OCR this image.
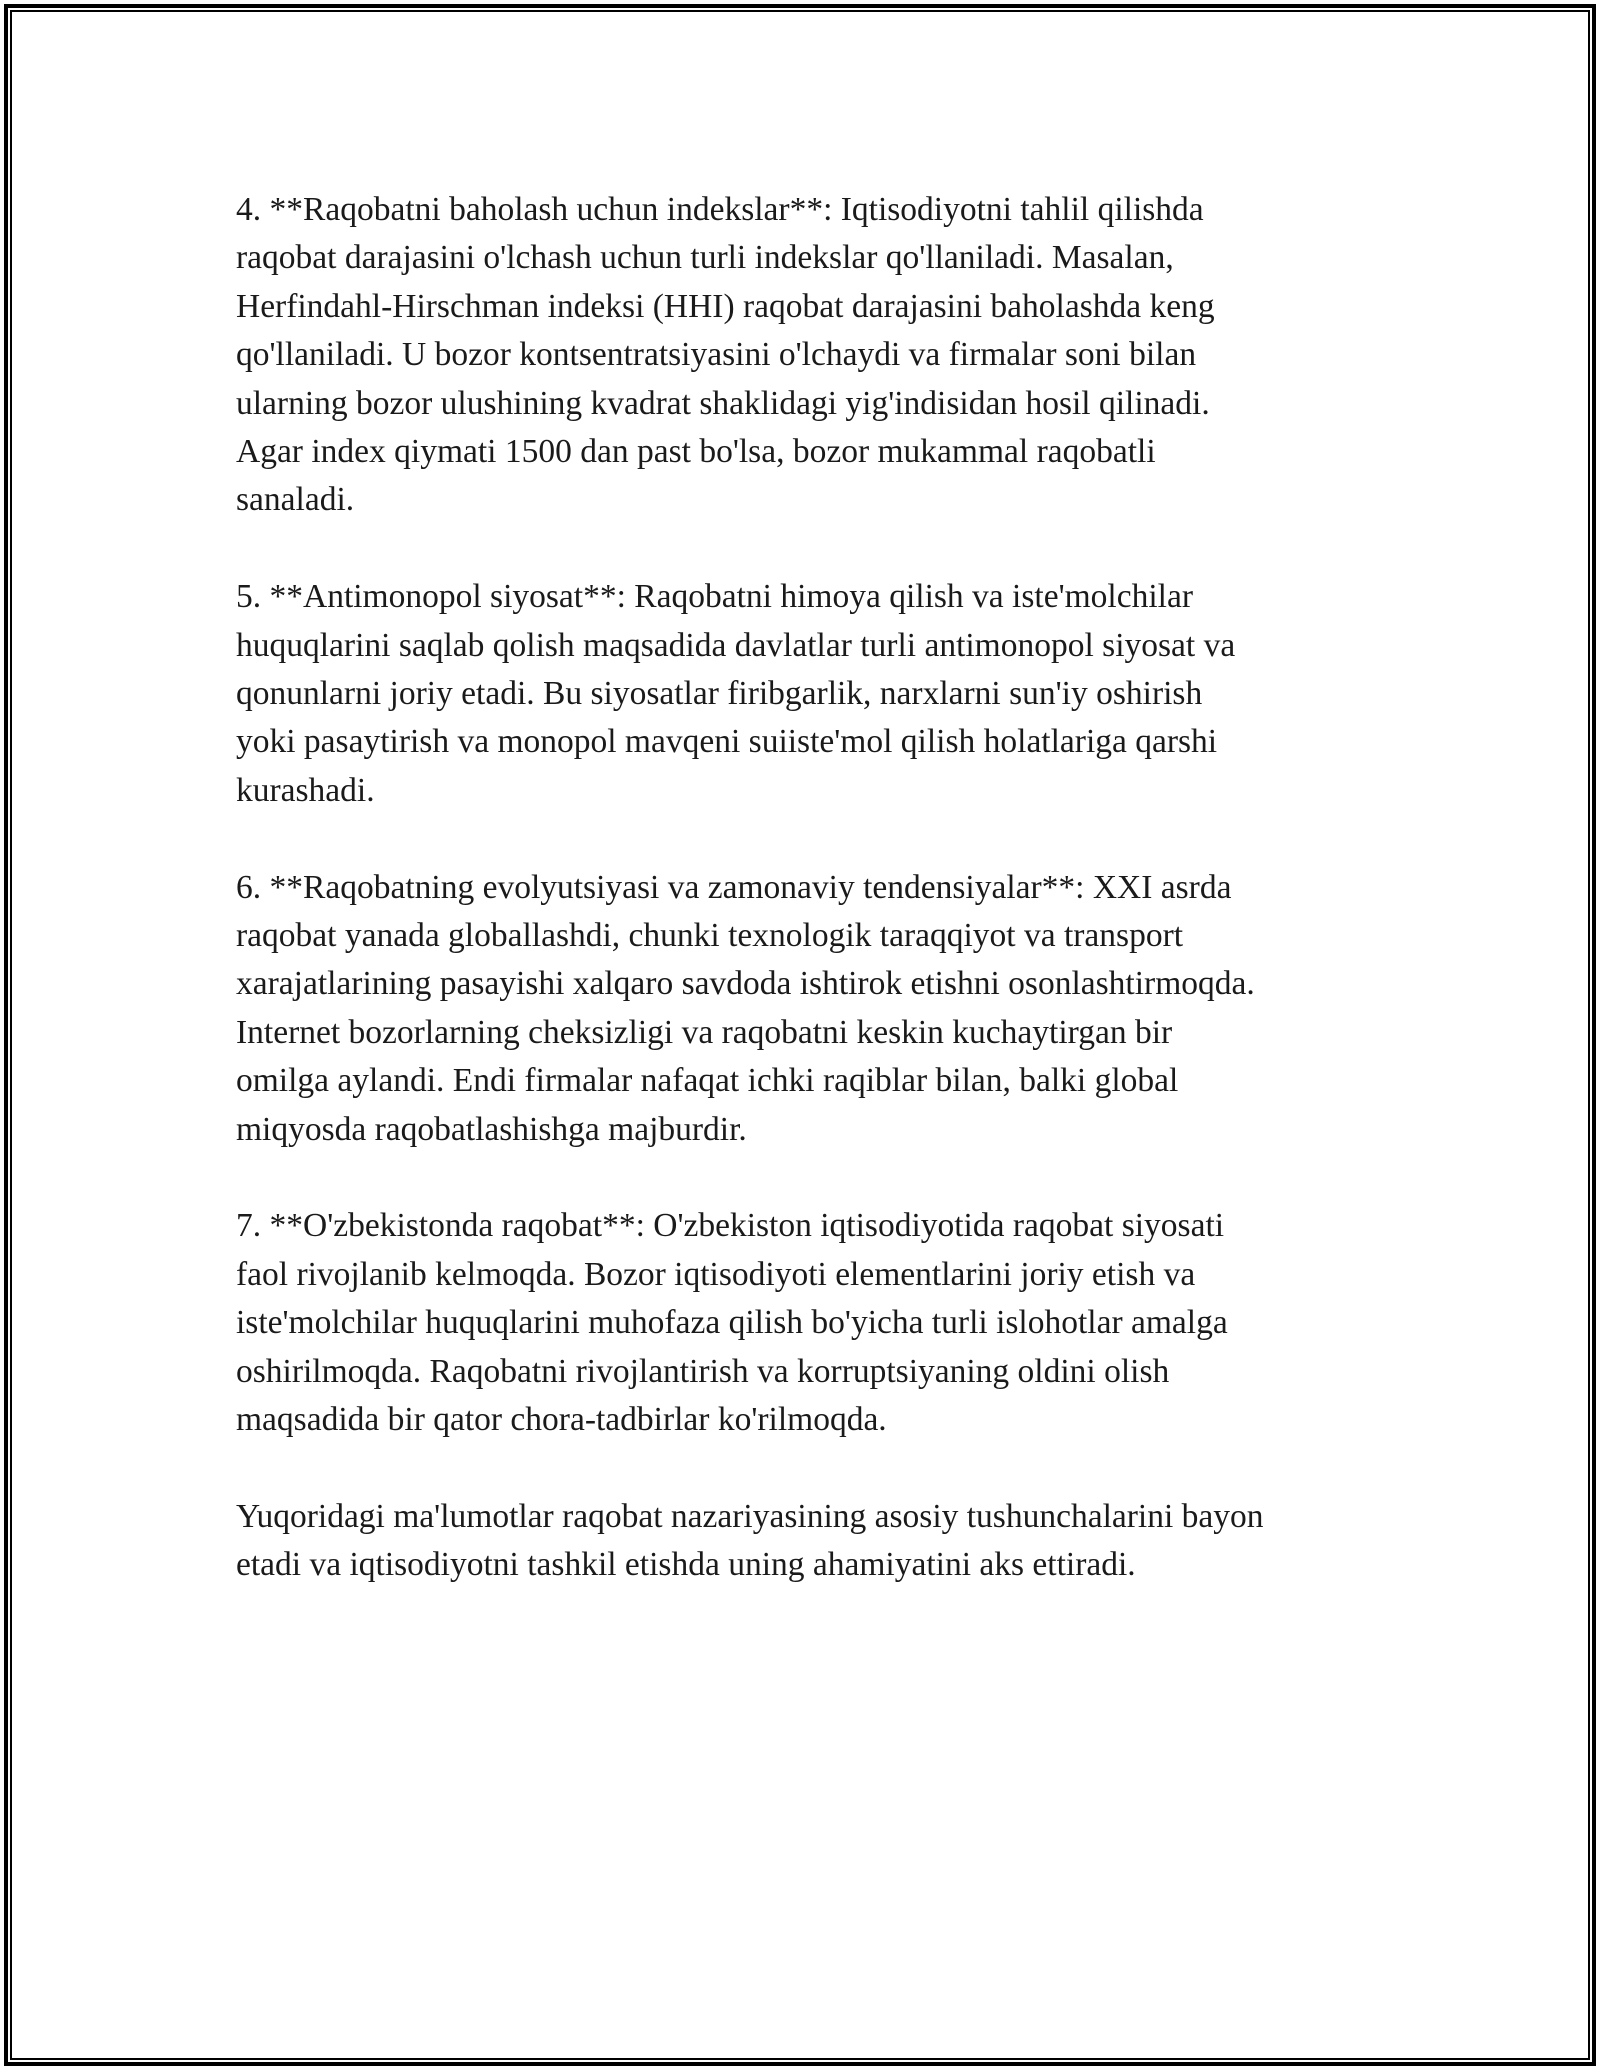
4. **Raqobatni baholash uchun indekslar**: Iqtisodiyotni tahlil qilishda
raqobat darajasini o'lchash uchun turli indekslar qo'llaniladi. Masalan,
Herfindahl-Hirschman indeksi (HHI) raqobat darajasini baholashda keng
qo'llaniladi. U bozor kontsentratsiyasini o'lchaydi va firmalar soni bilan
ularning bozor ulushining kvadrat shaklidagi yig'indisidan hosil qilinadi.
Agar index qiymati 1500 dan past bo'lsa, bozor mukammal raqobatli
sanaladi.

5. **Antimonopol siyosat**: Raqobatni himoya qilish va iste'molchilar
huquqlarini saqlab qolish maqsadida davlatlar turli antimonopol siyosat va
qonunlarni joriy etadi. Bu siyosatlar firibgarlik, narxlarni sun'iy oshirish
yoki pasaytirish va monopol mavqeni suiiste'mol qilish holatlariga qarshi
kurashadi.

6. **Raqobatning evolyutsiyasi va zamonaviy tendensiyalar**: XXI asrda
raqobat yanada globallashdi, chunki texnologik taraqqiyot va transport
xarajatlarining pasayishi xalqaro savdoda ishtirok etishni osonlashtirmoqda.
Internet bozorlarning cheksizligi va raqobatni keskin kuchaytirgan bir
omilga aylandi. Endi firmalar nafaqat ichki raqiblar bilan, balki global
miqyosda raqobatlashishga majburdir.

7. **O'zbekistonda raqobat**: O'zbekiston iqtisodiyotida raqobat siyosati
faol rivojlanib kelmoqda. Bozor iqtisodiyoti elementlarini joriy etish va
iste'molchilar huquqlarini muhofaza qilish bo'yicha turli islohotlar amalga
oshirilmoqda. Raqobatni rivojlantirish va korruptsiyaning oldini olish
maqsadida bir qator chora-tadbirlar ko'rilmoqda.

Yuqoridagi ma'lumotlar raqobat nazariyasining asosiy tushunchalarini bayon
etadi va iqtisodiyotni tashkil etishda uning ahamiyatini aks ettiradi.
